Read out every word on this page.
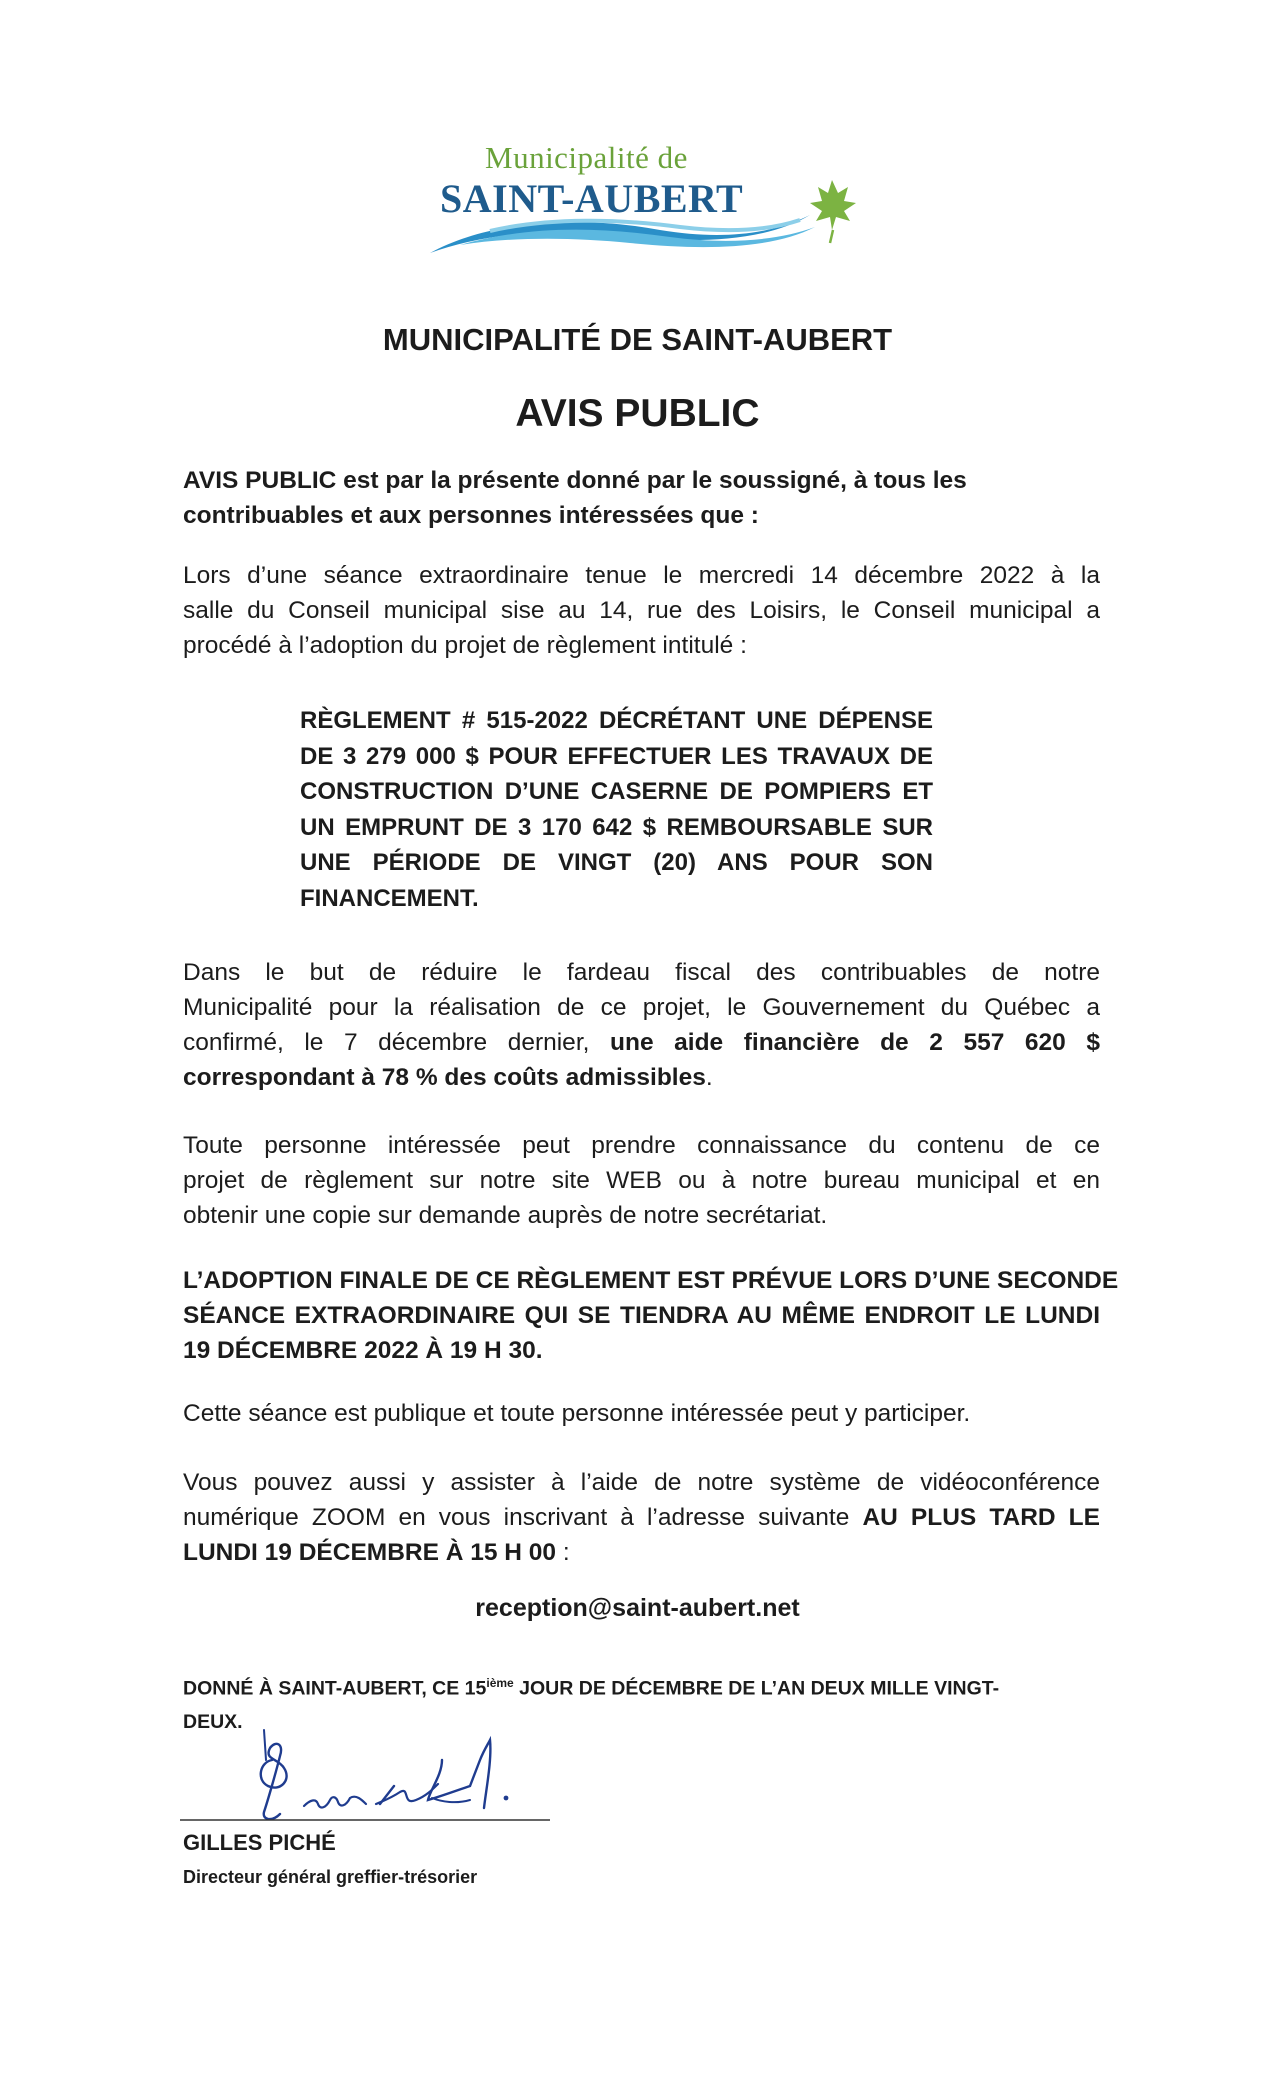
Municipalité de
SAINT-AUBERT
MUNICIPALITÉ DE SAINT-AUBERT
AVIS PUBLIC
AVIS PUBLIC est par la présente donné par le soussigné, à tous les
contribuables et aux personnes intéressées que :
Lors d’une séance extraordinaire tenue le mercredi 14 décembre 2022 à la
salle du Conseil municipal sise au 14, rue des Loisirs, le Conseil municipal a
procédé à l’adoption du projet de règlement intitulé :
RÈGLEMENT # 515-2022 DÉCRÉTANT UNE DÉPENSE
DE 3 279 000 $ POUR EFFECTUER LES TRAVAUX DE
CONSTRUCTION D’UNE CASERNE DE POMPIERS ET
UN EMPRUNT DE 3 170 642 $ REMBOURSABLE SUR
UNE PÉRIODE DE VINGT (20) ANS POUR SON
FINANCEMENT.
Dans le but de réduire le fardeau fiscal des contribuables de notre
Municipalité pour la réalisation de ce projet, le Gouvernement du Québec a
confirmé, le 7 décembre dernier, une aide financière de 2 557 620 $
correspondant à 78 % des coûts admissibles.
Toute personne intéressée peut prendre connaissance du contenu de ce
projet de règlement sur notre site WEB ou à notre bureau municipal et en
obtenir une copie sur demande auprès de notre secrétariat.
L’ADOPTION FINALE DE CE RÈGLEMENT EST PRÉVUE LORS D’UNE SECONDE
SÉANCE EXTRAORDINAIRE QUI SE TIENDRA AU MÊME ENDROIT LE LUNDI
19 DÉCEMBRE 2022 À 19 H 30.
Cette séance est publique et toute personne intéressée peut y participer.
Vous pouvez aussi y assister à l’aide de notre système de vidéoconférence
numérique ZOOM en vous inscrivant à l’adresse suivante AU PLUS TARD LE
LUNDI 19 DÉCEMBRE À 15 H 00 :
reception@saint-aubert.net
DONNÉ À SAINT-AUBERT, CE 15ième JOUR DE DÉCEMBRE DE L’AN DEUX MILLE VINGT-
DEUX.
GILLES PICHÉ
Directeur général greffier-trésorier
